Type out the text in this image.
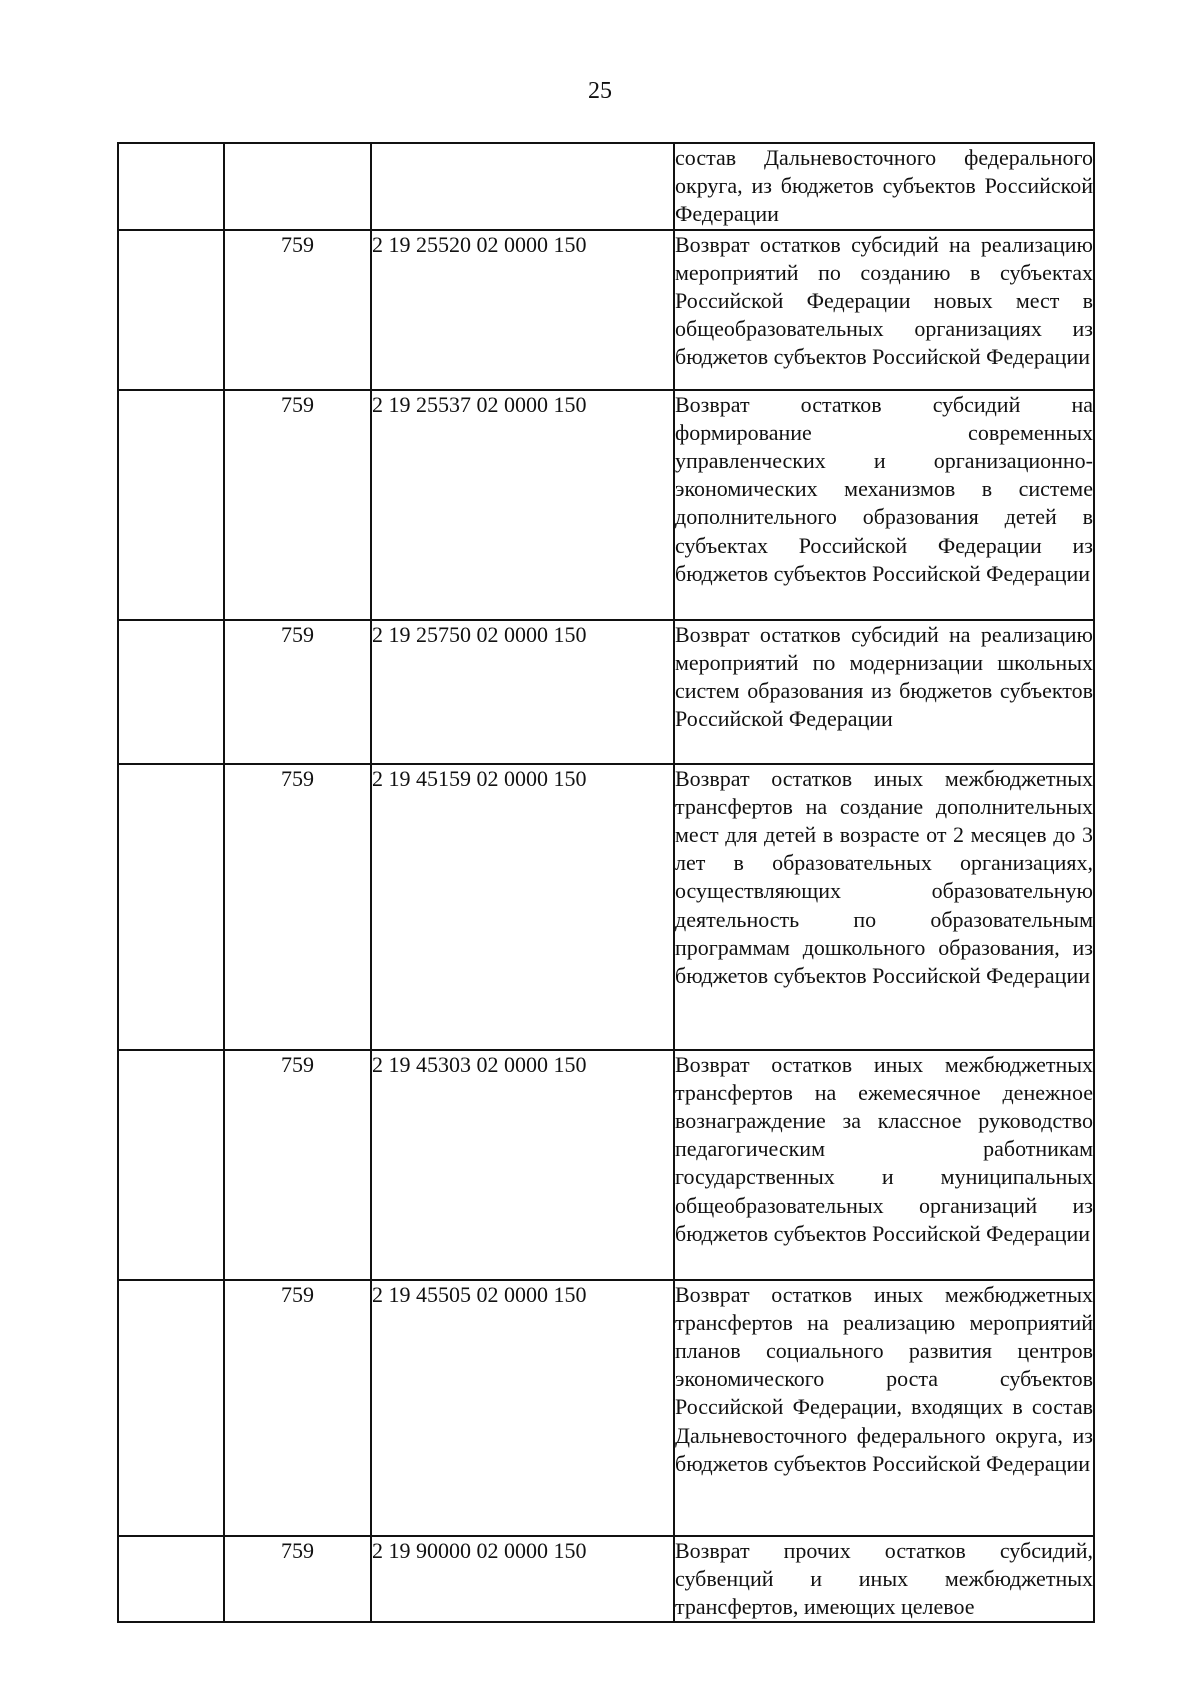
25
			состав Дальневосточного федерального округа, из бюджетов субъектов Российской Федерации
	759	2 19 25520 02 0000 150	Возврат остатков субсидий на реализацию мероприятий по созданию в субъектах Российской Федерации новых мест в общеобразовательных организациях из бюджетов субъектов Российской Федерации
	759	2 19 25537 02 0000 150	Возврат остатков субсидий на формирование современных управленческих и организационно-экономических механизмов в системе дополнительного образования детей в субъектах Российской Федерации из бюджетов субъектов Российской Федерации
	759	2 19 25750 02 0000 150	Возврат остатков субсидий на реализацию мероприятий по модернизации школьных систем образования из бюджетов субъектов Российской Федерации
	759	2 19 45159 02 0000 150	Возврат остатков иных межбюджетных трансфертов на создание дополнительных мест для детей в возрасте от 2 месяцев до 3 лет в образовательных организациях, осуществляющих образовательную деятельность по образовательным программам дошкольного образования, из бюджетов субъектов Российской Федерации
	759	2 19 45303 02 0000 150	Возврат остатков иных межбюджетных трансфертов на ежемесячное денежное вознаграждение за классное руководство педагогическим работникам государственных и муниципальных общеобразовательных организаций из бюджетов субъектов Российской Федерации
	759	2 19 45505 02 0000 150	Возврат остатков иных межбюджетных трансфертов на реализацию мероприятий планов социального развития центров экономического роста субъектов Российской Федерации, входящих в состав Дальневосточного федерального округа, из бюджетов субъектов Российской Федерации
	759	2 19 90000 02 0000 150	Возврат прочих остатков субсидий, субвенций и иных межбюджетных трансфертов, имеющих целевое
